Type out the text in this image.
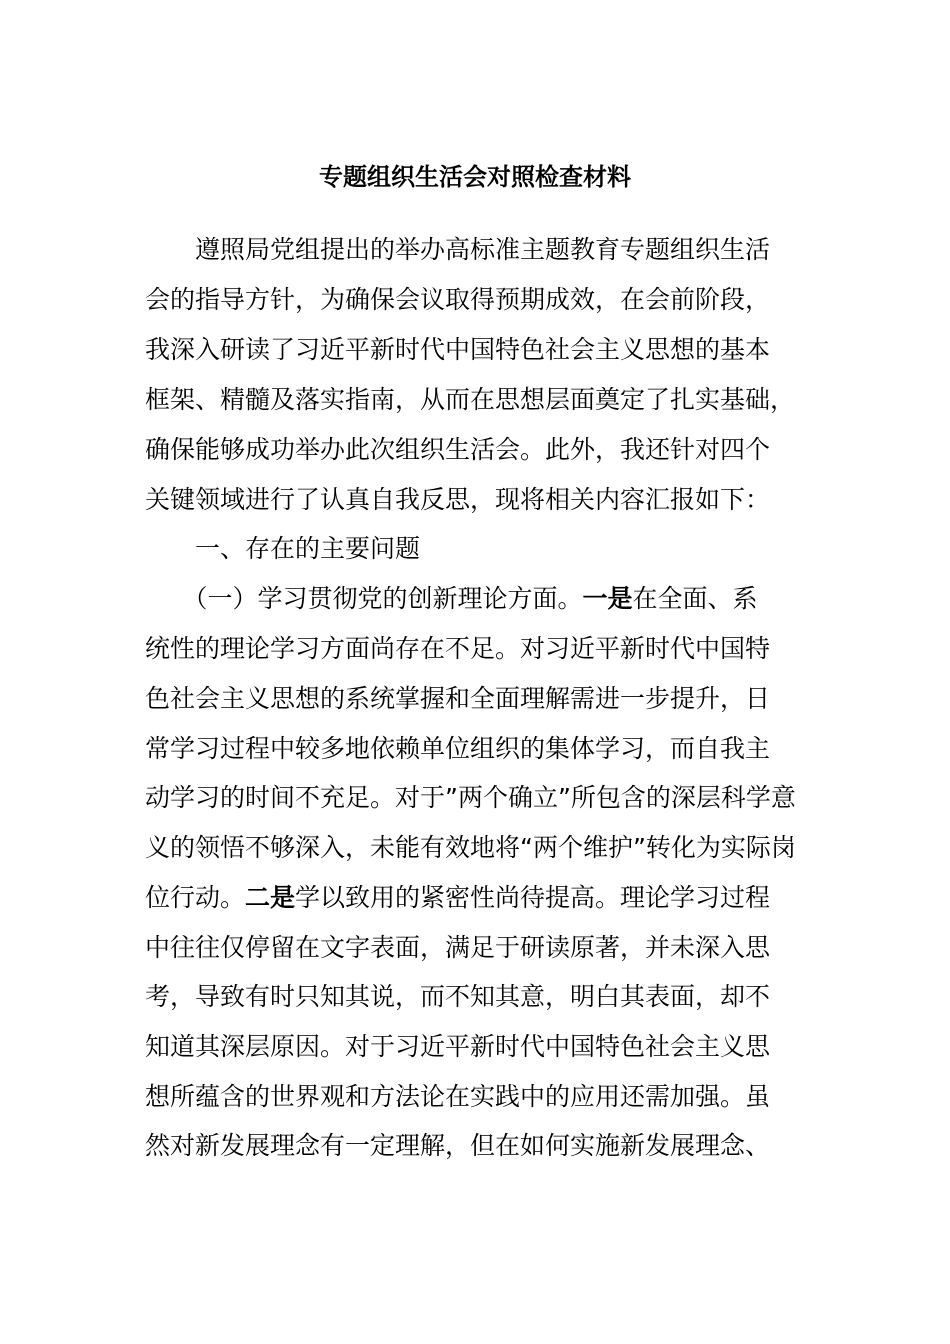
专题组织生活会对照检查材料

　　遵照局党组提出的举办高标准主题教育专题组织生活

会的指导方针，为确保会议取得预期成效，在会前阶段，

我深入研读了习近平新时代中国特色社会主义思想的基本

框架、精髓及落实指南，从而在思想层面奠定了扎实基础，

确保能够成功举办此次组织生活会。此外，我还针对四个

关键领域进行了认真自我反思，现将相关内容汇报如下：

　　一、存在的主要问题

　　（一）学习贯彻党的创新理论方面。一是在全面、系

统性的理论学习方面尚存在不足。对习近平新时代中国特

色社会主义思想的系统掌握和全面理解需进一步提升，日

常学习过程中较多地依赖单位组织的集体学习，而自我主

动学习的时间不充足。对于”两个确立”所包含的深层科学意

义的领悟不够深入，未能有效地将“两个维护”转化为实际岗

位行动。二是学以致用的紧密性尚待提高。理论学习过程

中往往仅停留在文字表面，满足于研读原著，并未深入思

考，导致有时只知其说，而不知其意，明白其表面，却不

知道其深层原因。对于习近平新时代中国特色社会主义思

想所蕴含的世界观和方法论在实践中的应用还需加强。虽

然对新发展理念有一定理解，但在如何实施新发展理念、
